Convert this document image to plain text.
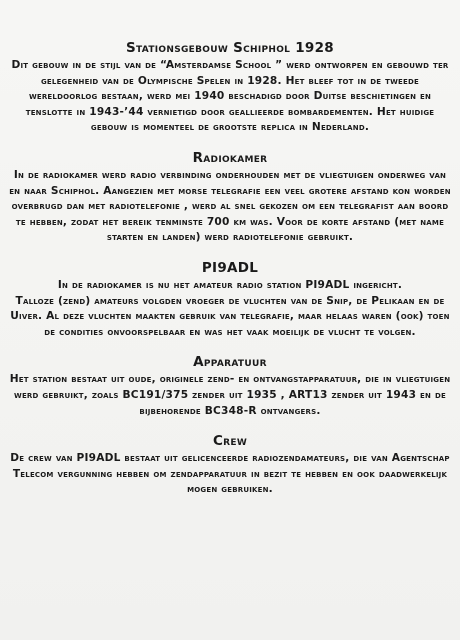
Stationsgebouw Schiphol 1928

Dit gebouw in de stijl van de “Amsterdamse School ” werd ontworpen en gebouwd ter gelegenheid van de Olympische Spelen in 1928. Het bleef tot in de tweede wereldoorlog bestaan, werd mei 1940 beschadigd door Duitse beschietingen en tenslotte in 1943-’44 vernietigd door geallieerde bombardementen. Het huidige gebouw is momenteel de grootste replica in Nederland.

Radiokamer

In de radiokamer werd radio verbinding onderhouden met de vliegtuigen onderweg van en naar Schiphol. Aangezien met morse telegrafie een veel grotere afstand kon worden overbrugd dan met radiotelefonie , werd al snel gekozen om een telegrafist aan boord te hebben, zodat het bereik tenminste 700 km was. Voor de korte afstand (met name starten en landen) werd radiotelefonie gebruikt.

PI9ADL

In de radiokamer is nu het amateur radio station PI9ADL ingericht.

Talloze (zend) amateurs volgden vroeger de vluchten van de Snip, de Pelikaan en de Uiver. Al deze vluchten maakten gebruik van telegrafie, maar helaas waren (ook) toen de condities onvoorspelbaar en was het vaak moeilijk de vlucht te volgen.

Apparatuur

Het station bestaat uit oude, originele zend- en ontvangstapparatuur, die in vliegtuigen werd gebruikt, zoals BC191/375 zender uit 1935 , ART13 zender uit 1943 en de bijbehorende BC348-R ontvangers.

Crew

De crew van PI9ADL bestaat uit gelicenceerde radiozendamateurs, die van Agentschap Telecom vergunning hebben om zendapparatuur in bezit te hebben en ook daadwerkelijk mogen gebruiken.
